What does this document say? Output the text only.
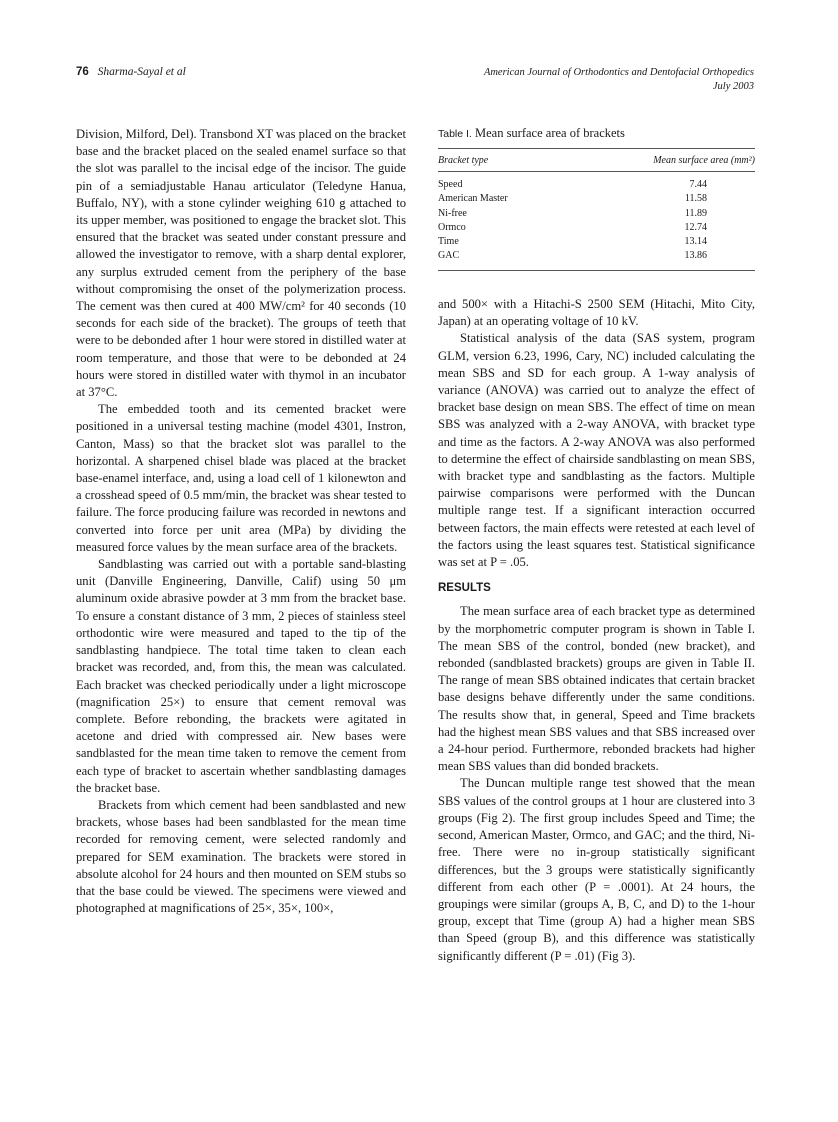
76 Sharma-Sayal et al	American Journal of Orthodontics and Dentofacial Orthopedics
July 2003

Division, Milford, Del). Transbond XT was placed on the bracket base and the bracket placed on the sealed enamel surface so that the slot was parallel to the incisal edge of the incisor. The guide pin of a semiadjustable Hanau articulator (Teledyne Hanua, Buffalo, NY), with a stone cylinder weighing 610 g attached to its upper member, was positioned to engage the bracket slot. This ensured that the bracket was seated under constant pressure and allowed the investigator to remove, with a sharp dental explorer, any surplus extruded cement from the periphery of the base without compromising the onset of the polymerization process. The cement was then cured at 400 MW/cm² for 40 seconds (10 seconds for each side of the bracket). The groups of teeth that were to be debonded after 1 hour were stored in distilled water at room temperature, and those that were to be debonded at 24 hours were stored in distilled water with thymol in an incubator at 37°C.

The embedded tooth and its cemented bracket were positioned in a universal testing machine (model 4301, Instron, Canton, Mass) so that the bracket slot was parallel to the horizontal. A sharpened chisel blade was placed at the bracket base-enamel interface, and, using a load cell of 1 kilonewton and a crosshead speed of 0.5 mm/min, the bracket was shear tested to failure. The force producing failure was recorded in newtons and converted into force per unit area (MPa) by dividing the measured force values by the mean surface area of the brackets.

Sandblasting was carried out with a portable sand-blasting unit (Danville Engineering, Danville, Calif) using 50 μm aluminum oxide abrasive powder at 3 mm from the bracket base. To ensure a constant distance of 3 mm, 2 pieces of stainless steel orthodontic wire were measured and taped to the tip of the sandblasting handpiece. The total time taken to clean each bracket was recorded, and, from this, the mean was calculated. Each bracket was checked periodically under a light microscope (magnification 25×) to ensure that cement removal was complete. Before rebonding, the brackets were agitated in acetone and dried with compressed air. New bases were sandblasted for the mean time taken to remove the cement from each type of bracket to ascertain whether sandblasting damages the bracket base.

Brackets from which cement had been sandblasted and new brackets, whose bases had been sandblasted for the mean time recorded for removing cement, were selected randomly and prepared for SEM examination. The brackets were stored in absolute alcohol for 24 hours and then mounted on SEM stubs so that the base could be viewed. The specimens were viewed and photographed at magnifications of 25×, 35×, 100×,

Table I. Mean surface area of brackets
Bracket type	Mean surface area (mm²)
Speed	7.44
American Master	11.58
Ni-free	11.89
Ormco	12.74
Time	13.14
GAC	13.86

and 500× with a Hitachi-S 2500 SEM (Hitachi, Mito City, Japan) at an operating voltage of 10 kV.

Statistical analysis of the data (SAS system, program GLM, version 6.23, 1996, Cary, NC) included calculating the mean SBS and SD for each group. A 1-way analysis of variance (ANOVA) was carried out to analyze the effect of bracket base design on mean SBS. The effect of time on mean SBS was analyzed with a 2-way ANOVA, with bracket type and time as the factors. A 2-way ANOVA was also performed to determine the effect of chairside sandblasting on mean SBS, with bracket type and sandblasting as the factors. Multiple pairwise comparisons were performed with the Duncan multiple range test. If a significant interaction occurred between factors, the main effects were retested at each level of the factors using the least squares test. Statistical significance was set at P = .05.

RESULTS

The mean surface area of each bracket type as determined by the morphometric computer program is shown in Table I. The mean SBS of the control, bonded (new bracket), and rebonded (sandblasted brackets) groups are given in Table II. The range of mean SBS obtained indicates that certain bracket base designs behave differently under the same conditions. The results show that, in general, Speed and Time brackets had the highest mean SBS values and that SBS increased over a 24-hour period. Furthermore, rebonded brackets had higher mean SBS values than did bonded brackets.

The Duncan multiple range test showed that the mean SBS values of the control groups at 1 hour are clustered into 3 groups (Fig 2). The first group includes Speed and Time; the second, American Master, Ormco, and GAC; and the third, Ni-free. There were no in-group statistically significant differences, but the 3 groups were statistically significantly different from each other (P = .0001). At 24 hours, the groupings were similar (groups A, B, C, and D) to the 1-hour group, except that Time (group A) had a higher mean SBS than Speed (group B), and this difference was statistically significantly different (P = .01) (Fig 3).
